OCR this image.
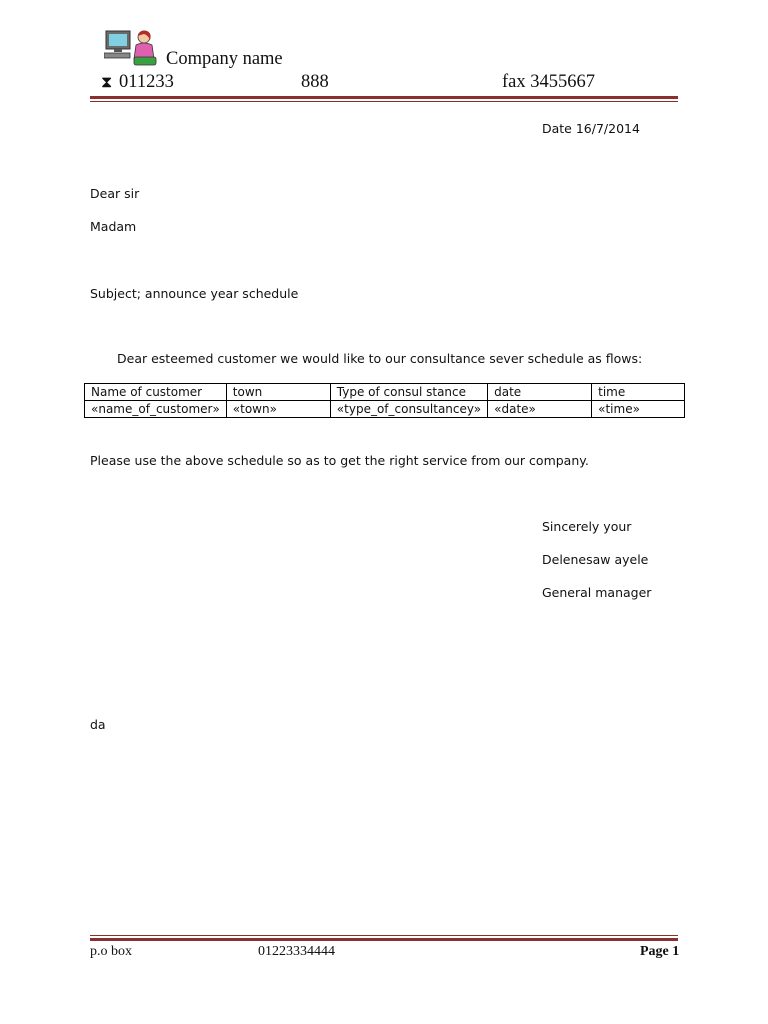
Company name
⧗ 011233	888	fax 3455667
Date 16/7/2014
Dear sir
Madam
Subject; announce year schedule
Dear esteemed customer we would like to our consultance sever schedule as flows:
Name of customer	town	Type of consul stance	date	time
«name_of_customer»	«town»	«type_of_consultancey»	«date»	«time»
Please use the above schedule so as to get the right service from our company.
Sincerely your
Delenesaw ayele
General manager
da
p.o box	01223334444	Page 1
